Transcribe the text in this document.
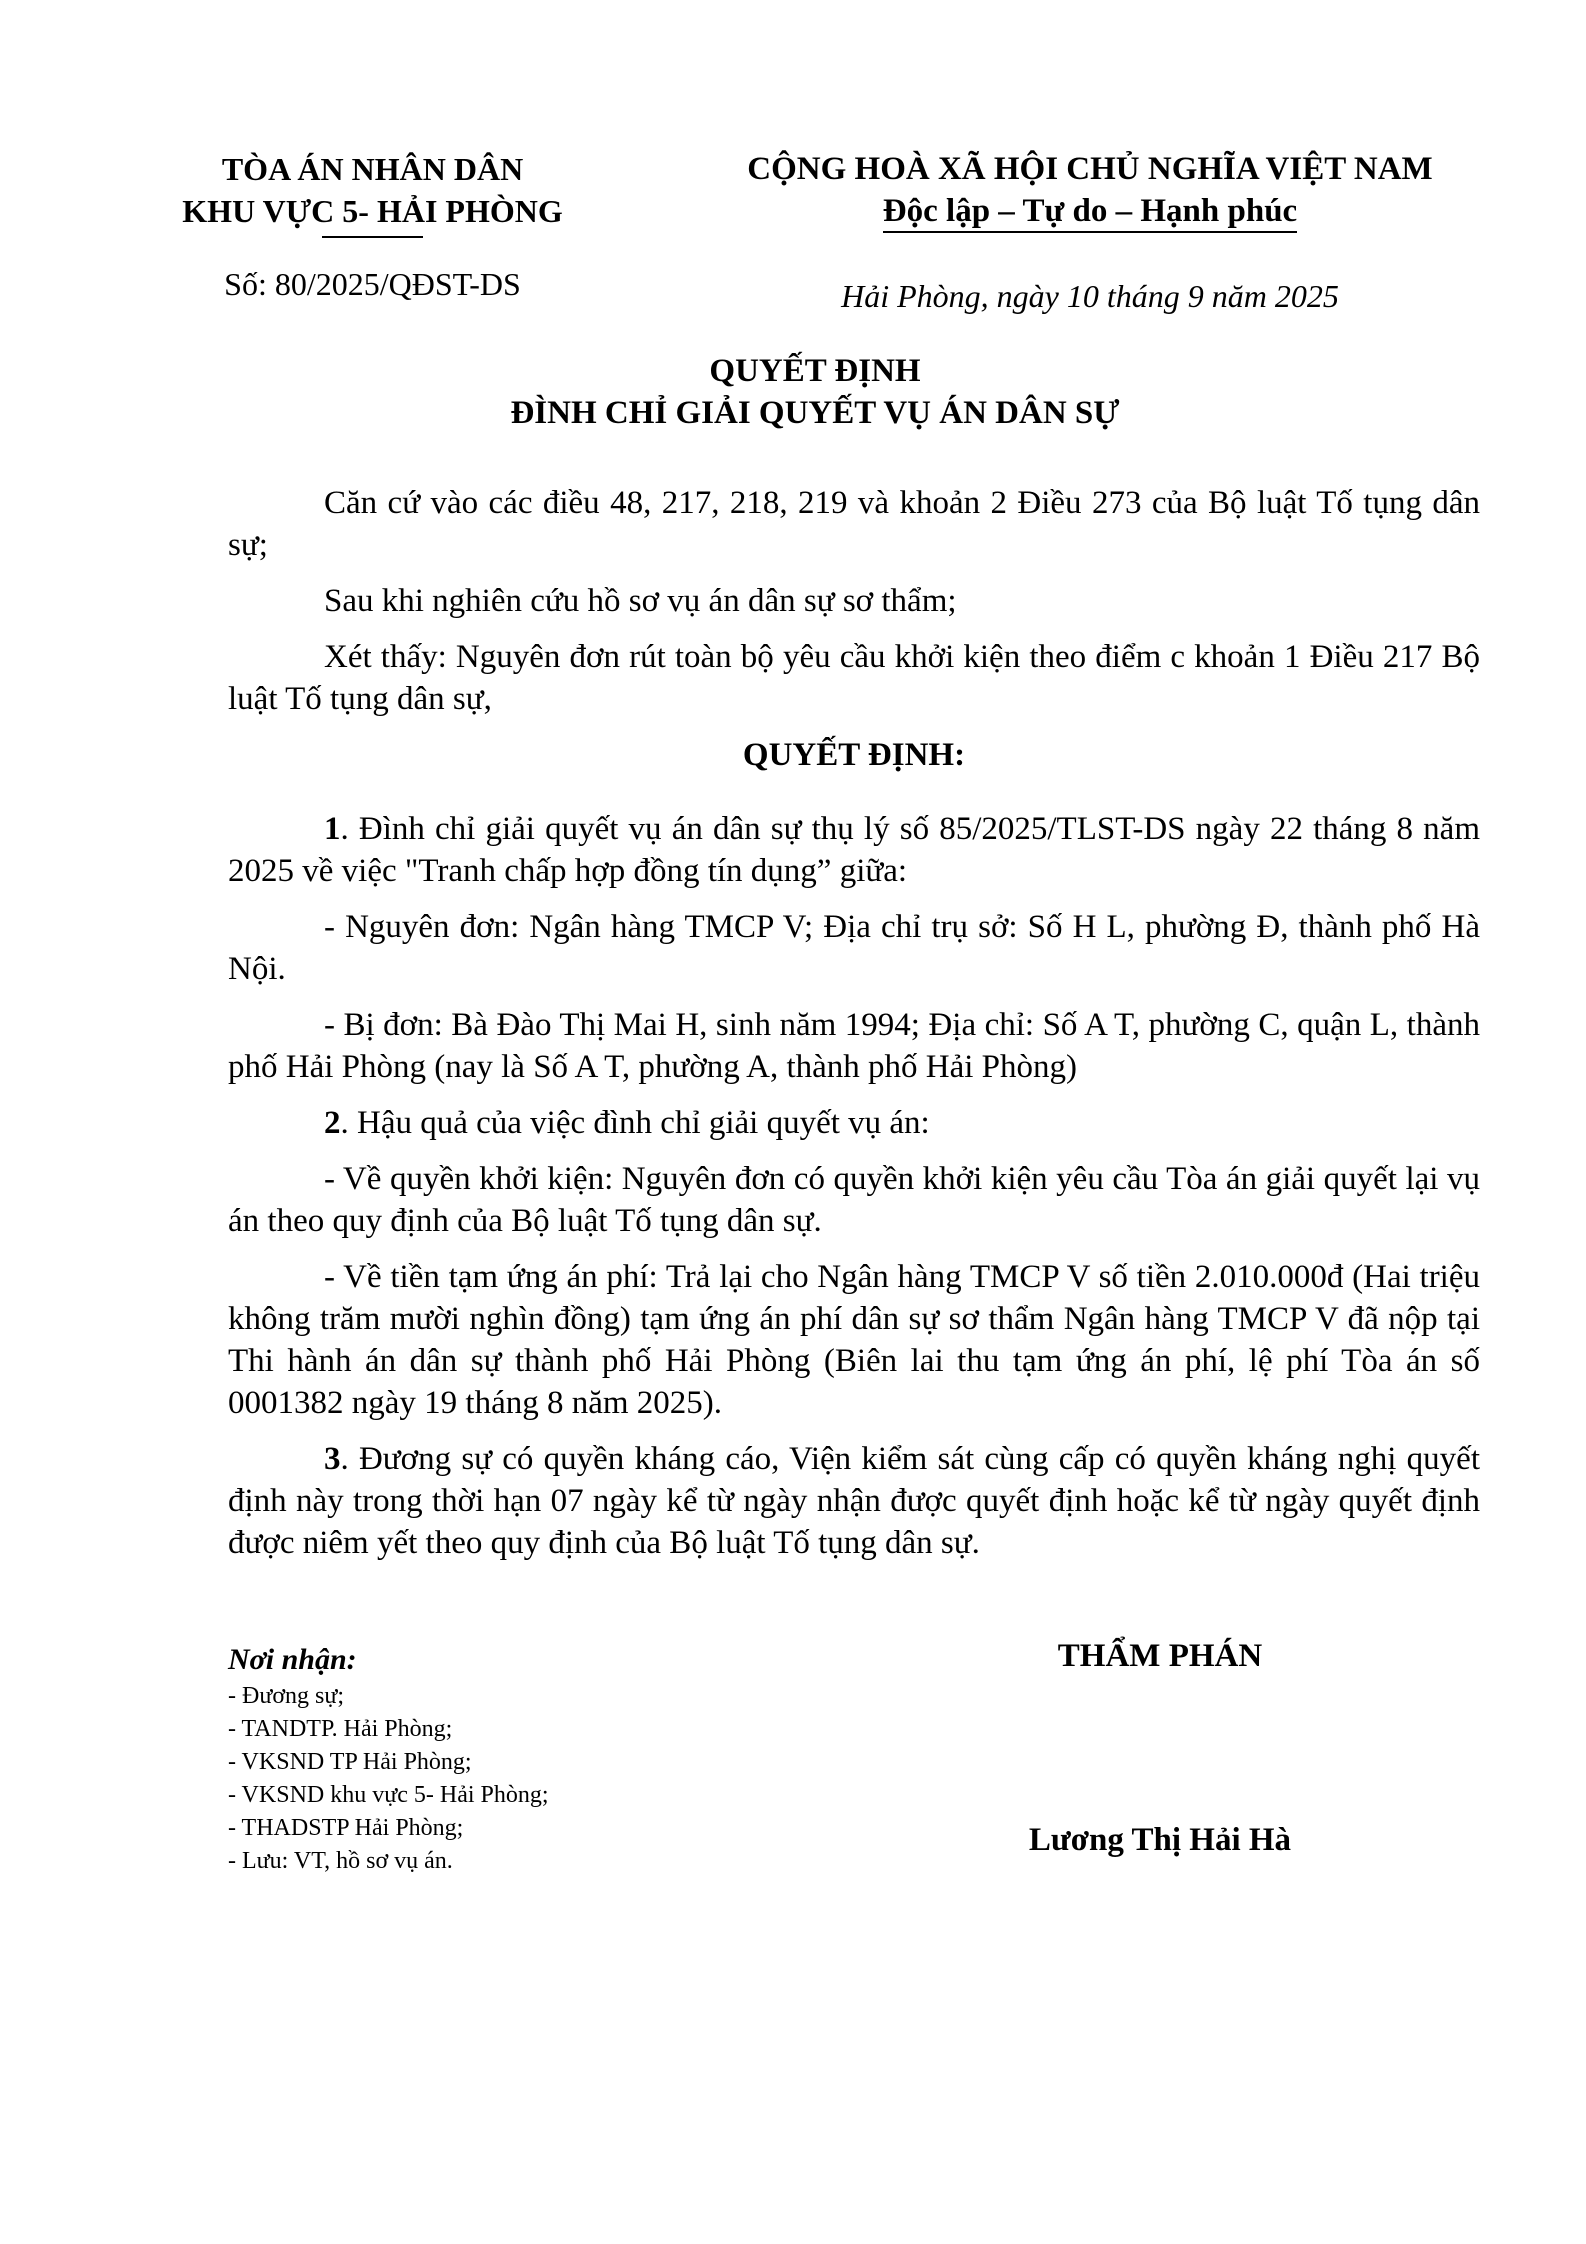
TÒA ÁN NHÂN DÂN
KHU VỰC 5- HẢI PHÒNG
CỘNG HOÀ XÃ HỘI CHỦ NGHĨA VIỆT NAM
Độc lập – Tự do – Hạnh phúc
Số: 80/2025/QĐST-DS	Hải Phòng, ngày 10 tháng 9 năm 2025
QUYẾT ĐỊNH
ĐÌNH CHỈ GIẢI QUYẾT VỤ ÁN DÂN SỰ

Căn cứ vào các điều 48, 217, 218, 219 và khoản 2 Điều 273 của Bộ luật Tố tụng dân sự;

Sau khi nghiên cứu hồ sơ vụ án dân sự sơ thẩm;

Xét thấy: Nguyên đơn rút toàn bộ yêu cầu khởi kiện theo điểm c khoản 1 Điều 217 Bộ luật Tố tụng dân sự,

QUYẾT ĐỊNH:

1. Đình chỉ giải quyết vụ án dân sự thụ lý số 85/2025/TLST-DS ngày 22 tháng 8 năm 2025 về việc "Tranh chấp hợp đồng tín dụng” giữa:

- Nguyên đơn: Ngân hàng TMCP V; Địa chỉ trụ sở: Số H L, phường Đ, thành phố Hà Nội.

- Bị đơn: Bà Đào Thị Mai H, sinh năm 1994; Địa chỉ: Số A T, phường C, quận L, thành phố Hải Phòng (nay là Số A T, phường A, thành phố Hải Phòng)

2. Hậu quả của việc đình chỉ giải quyết vụ án:

- Về quyền khởi kiện: Nguyên đơn có quyền khởi kiện yêu cầu Tòa án giải quyết lại vụ án theo quy định của Bộ luật Tố tụng dân sự.

- Về tiền tạm ứng án phí: Trả lại cho Ngân hàng TMCP V số tiền 2.010.000đ (Hai triệu không trăm mười nghìn đồng) tạm ứng án phí dân sự sơ thẩm Ngân hàng TMCP V đã nộp tại Thi hành án dân sự thành phố Hải Phòng (Biên lai thu tạm ứng án phí, lệ phí Tòa án số 0001382 ngày 19 tháng 8 năm 2025).

3. Đương sự có quyền kháng cáo, Viện kiểm sát cùng cấp có quyền kháng nghị quyết định này trong thời hạn 07 ngày kể từ ngày nhận được quyết định hoặc kể từ ngày quyết định được niêm yết theo quy định của Bộ luật Tố tụng dân sự.

Nơi nhận:
- Đương sự;
- TANDTP. Hải Phòng;
- VKSND TP Hải Phòng;
- VKSND khu vực 5- Hải Phòng;
- THADSTP Hải Phòng;
- Lưu: VT, hồ sơ vụ án.
THẨM PHÁN
Lương Thị Hải Hà
